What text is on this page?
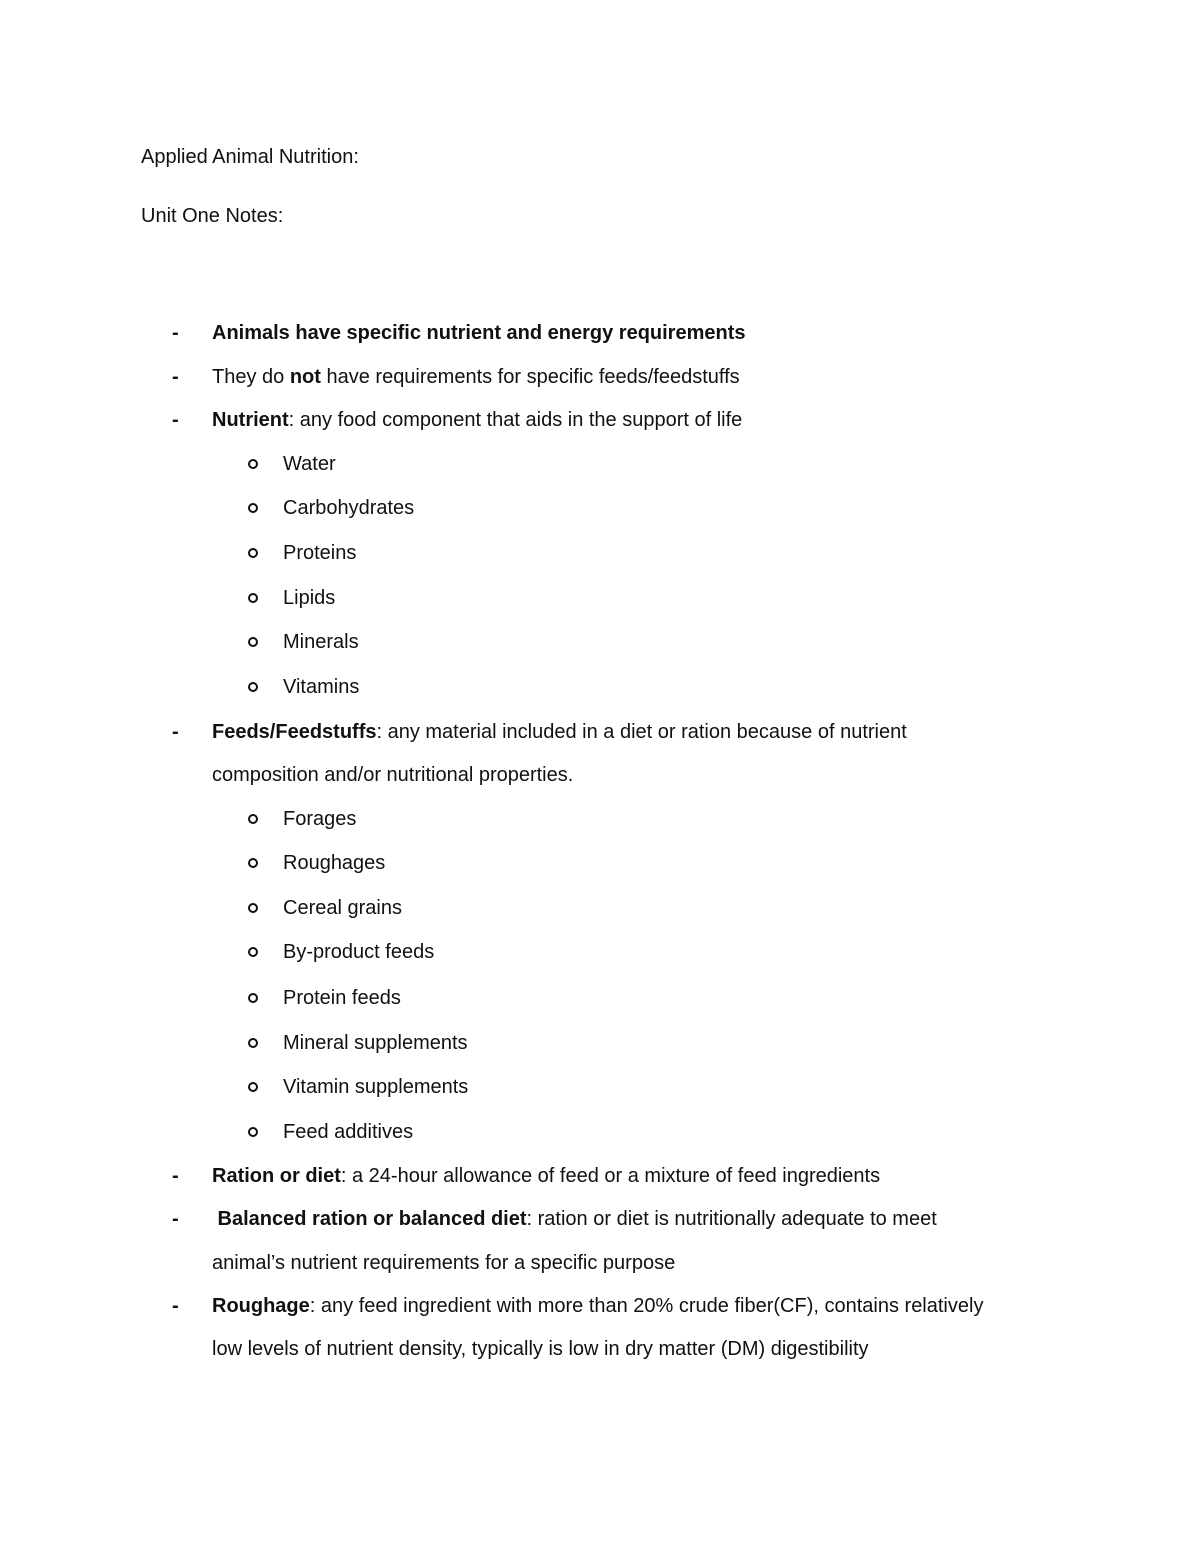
Applied Animal Nutrition:
Unit One Notes:
-	Animals have specific nutrient and energy requirements
-	They do not have requirements for specific feeds/feedstuffs
-	Nutrient: any food component that aids in the support of life
Water
Carbohydrates
Proteins
Lipids
Minerals
Vitamins
-	Feeds/Feedstuffs: any material included in a diet or ration because of nutrient
composition and/or nutritional properties.
Forages
Roughages
Cereal grains
By-product feeds
Protein feeds
Mineral supplements
Vitamin supplements
Feed additives
-	Ration or diet: a 24-hour allowance of feed or a mixture of feed ingredients
-	Balanced ration or balanced diet: ration or diet is nutritionally adequate to meet
animal’s nutrient requirements for a specific purpose
-	Roughage: any feed ingredient with more than 20% crude fiber(CF), contains relatively
low levels of nutrient density, typically is low in dry matter (DM) digestibility
